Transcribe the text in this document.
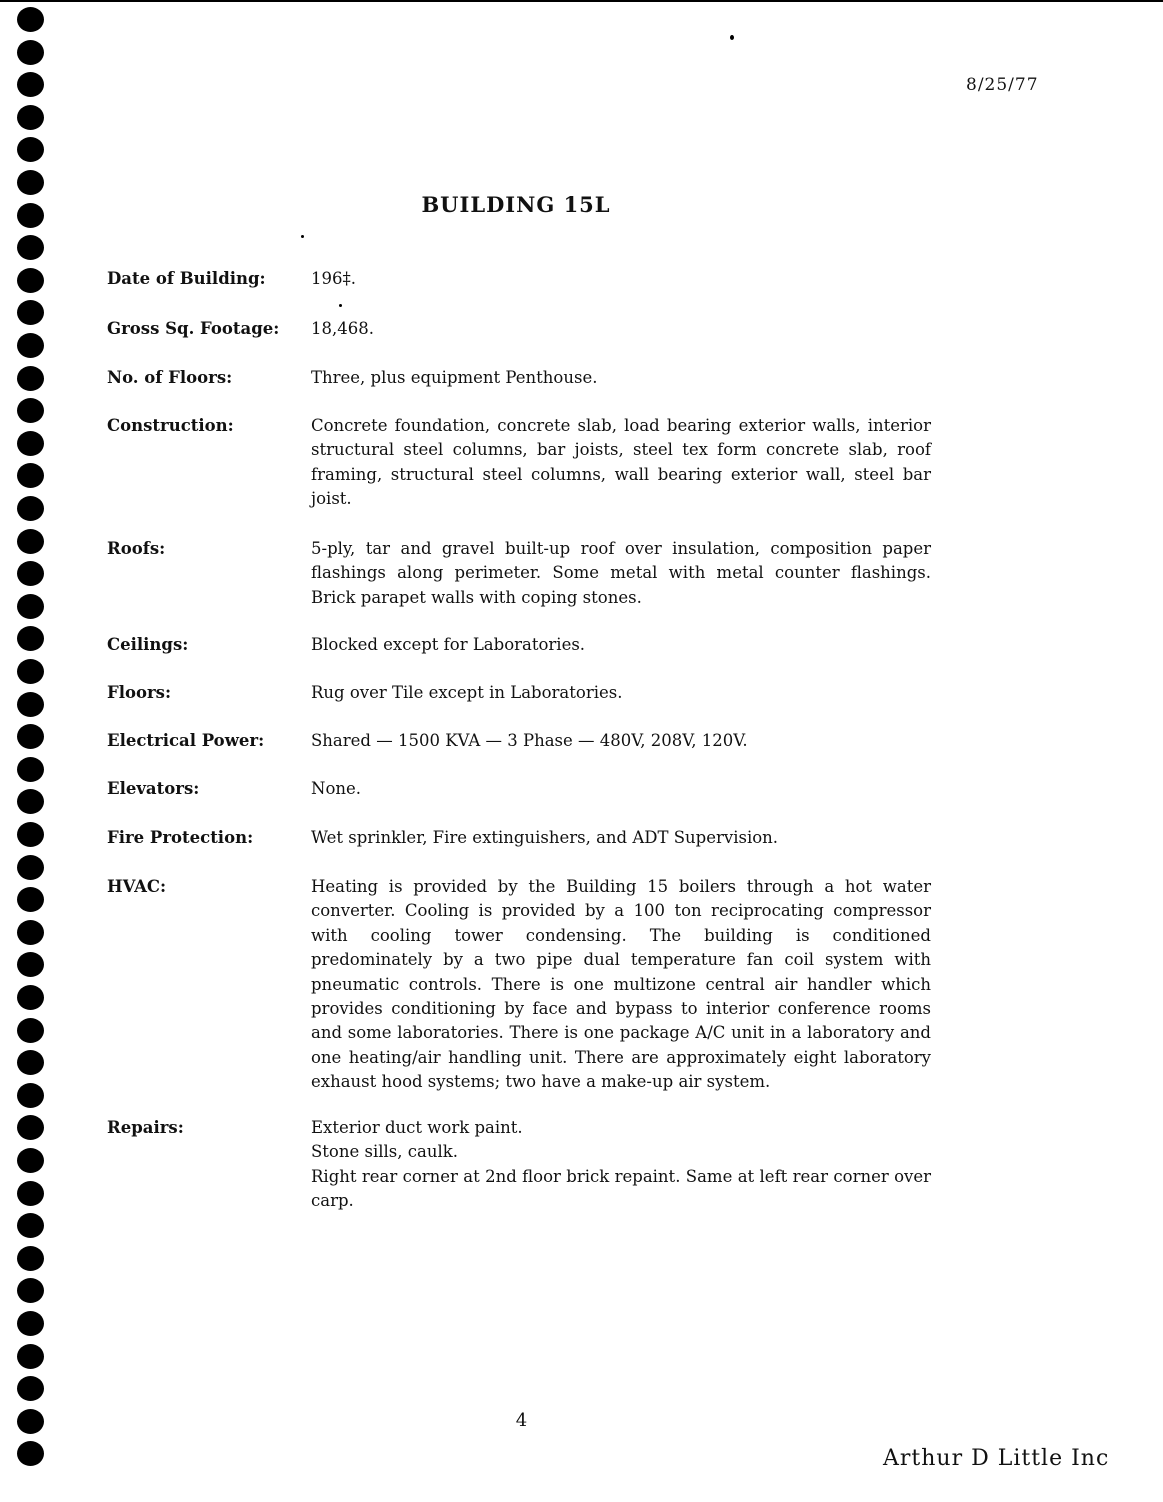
8/25/77
BUILDING 15L
Date of Building:	196‡.
Gross Sq. Footage:	18,468.
No. of Floors:	Three, plus equipment Penthouse.
Construction:	Concrete foundation, concrete slab, load bearing exterior walls, interior structural steel columns, bar joists, steel tex form concrete slab, roof framing, structural steel columns, wall bearing exterior wall, steel bar joist.
Roofs:	5-ply, tar and gravel built-up roof over insulation, composition paper flashings along perimeter. Some metal with metal counter flashings. Brick parapet walls with coping stones.
Ceilings:	Blocked except for Laboratories.
Floors:	Rug over Tile except in Laboratories.
Electrical Power:	Shared — 1500 KVA — 3 Phase — 480V, 208V, 120V.
Elevators:	None.
Fire Protection:	Wet sprinkler, Fire extinguishers, and ADT Supervision.
HVAC:	Heating is provided by the Building 15 boilers through a hot water converter. Cooling is provided by a 100 ton reciprocating compressor with cooling tower condensing. The building is conditioned predominately by a two pipe dual temperature fan coil system with pneumatic controls. There is one multizone central air handler which provides conditioning by face and bypass to interior conference rooms and some laboratories. There is one package A/C unit in a laboratory and one heating/air handling unit. There are approximately eight laboratory exhaust hood systems; two have a make-up air system.
Repairs:	Exterior duct work paint.
Stone sills, caulk.
Right rear corner at 2nd floor brick repaint. Same at left rear corner over carp.
4
Arthur D Little Inc
